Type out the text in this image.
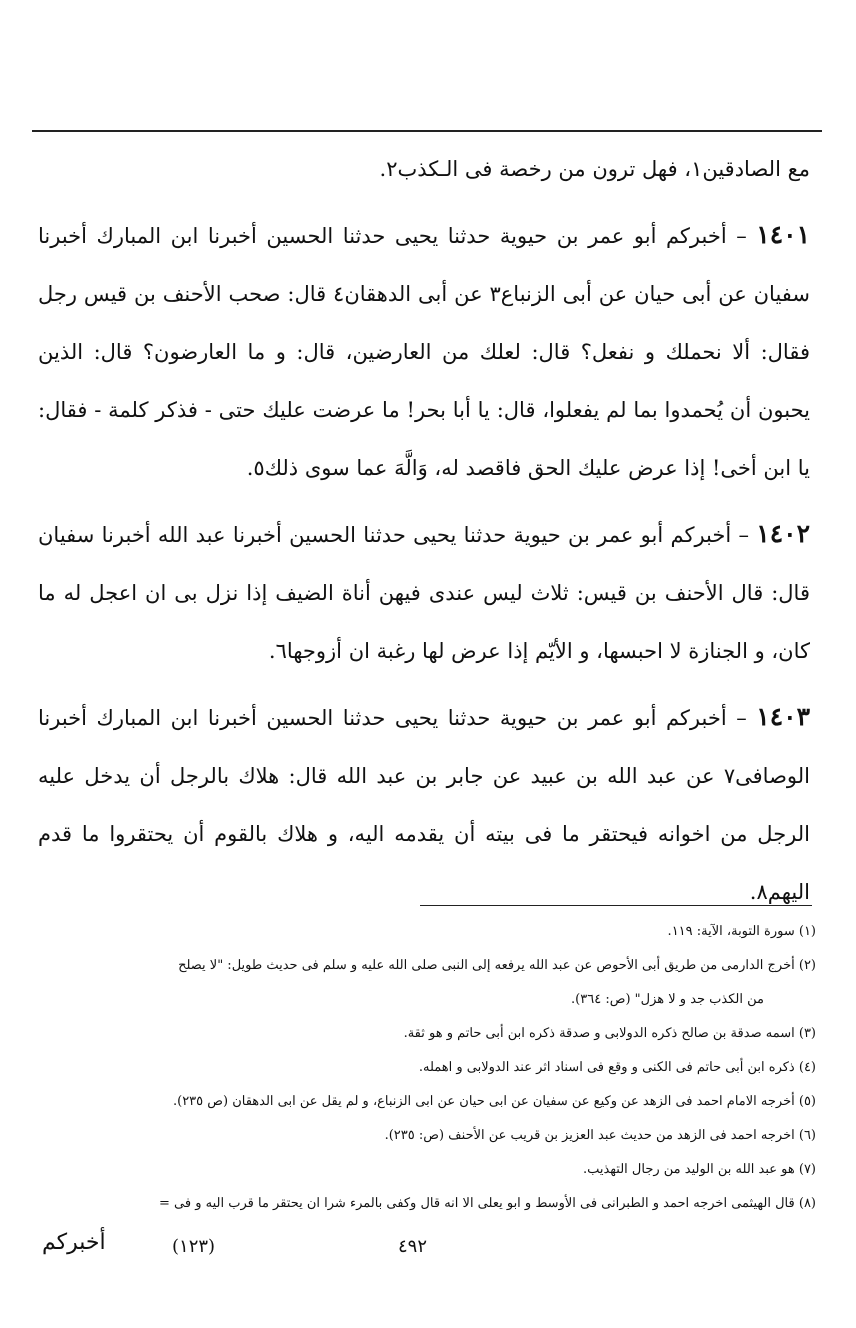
مع الصادقين١، فهل ترون من رخصة فى الـكذب٢.

١٤٠١ – أخبركم أبو عمر بن حيوية حدثنا يحيى حدثنا الحسين أخبرنا ابن المبارك أخبرنا سفيان عن أبى حيان عن أبى الزنباع٣ عن أبى الدهقان٤ قال: صحب الأحنف بن قيس رجل فقال: ألا نحملك و نفعل؟ قال: لعلك من العارضين، قال: و ما العارضون؟ قال: الذين يحبون أن يُحمدوا بما لم يفعلوا، قال: يا أبا بحر! ما عرضت عليك حتى - فذكر كلمة - فقال: يا ابن أخى! إذا عرض عليك الحق فاقصد له، وَالَّهَ عما سوى ذلك٥.

١٤٠٢ – أخبركم أبو عمر بن حيوية حدثنا يحيى حدثنا الحسين أخبرنا عبد الله أخبرنا سفيان قال: قال الأحنف بن قيس: ثلاث ليس عندى فيهن أناة الضيف إذا نزل بى ان اعجل له ما كان، و الجنازة لا احبسها، و الأيّم إذا عرض لها رغبة ان أزوجها٦.

١٤٠٣ – أخبركم أبو عمر بن حيوية حدثنا يحيى حدثنا الحسين أخبرنا ابن المبارك أخبرنا الوصافى٧ عن عبد الله بن عبيد عن جابر بن عبد الله قال: هلاك بالرجل أن يدخل عليه الرجل من اخوانه فيحتقر ما فى بيته أن يقدمه اليه، و هلاك بالقوم أن يحتقروا ما قدم اليهم٨.

(١) سورة التوبة، الآية: ١١٩.

(٢) أخرج الدارمى من طريق أبى الأحوص عن عبد الله يرفعه إلى النبى صلى الله عليه و سلم فى حديث طويل: "لا يصلح

من الكذب جد و لا هزل" (ص: ٣٦٤).

(٣) اسمه صدقة بن صالح ذكره الدولابى و صدقة ذكره ابن أبى حاتم و هو ثقة.

(٤) ذكره ابن أبى حاتم فى الكنى و وقع فى اسناد اثر عند الدولابى و اهمله.

(٥) أخرجه الامام احمد فى الزهد عن وكيع عن سفيان عن ابى حيان عن ابى الزنباع، و لم يقل عن ابى الدهقان (ص ٢٣٥).

(٦) اخرجه احمد فى الزهد من حديث عبد العزيز بن قريب عن الأحنف (ص: ٢٣٥).

(٧) هو عبد الله بن الوليد من رجال التهذيب.

(٨) قال الهيثمى اخرجه احمد و الطبرانى فى الأوسط و ابو يعلى الا انه قال وكفى بالمرء شرا ان يحتقر ما قرب اليه و فى =

أخبركم	(١٢٣)	٤٩٢
